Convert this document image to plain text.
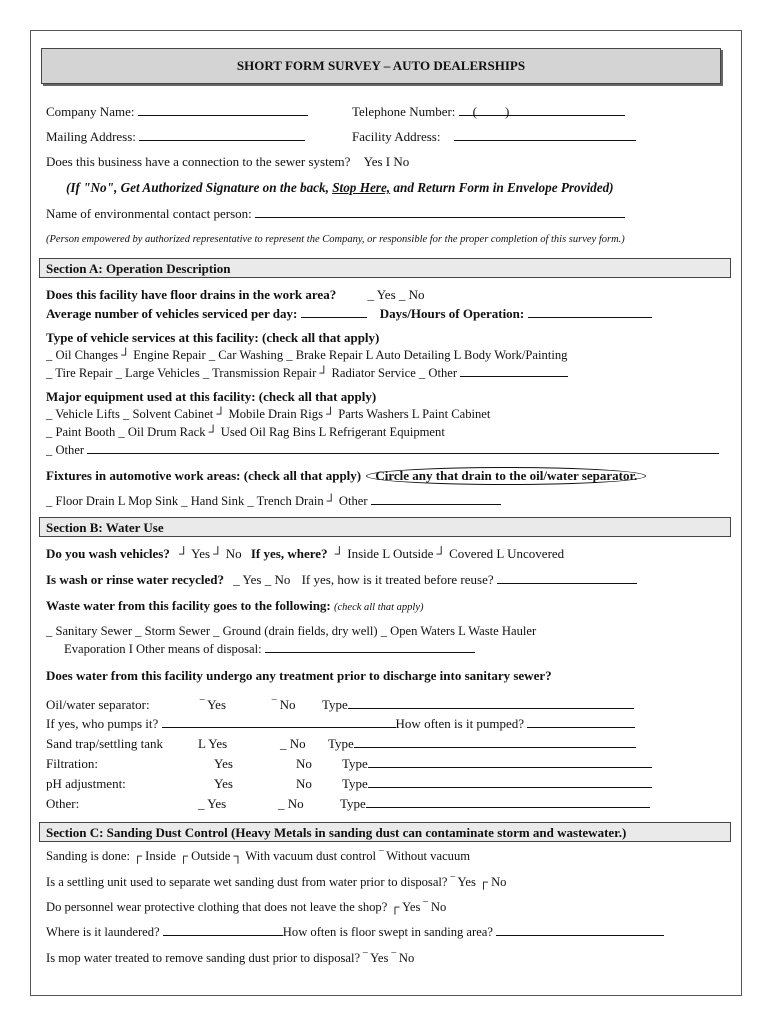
SHORT FORM SURVEY – AUTO DEALERSHIPS
Company Name:	Telephone Number: ( )
Mailing Address:	Facility Address:
Does this business have a connection to the sewer system? Yes I No
(If "No", Get Authorized Signature on the back, Stop Here, and Return Form in Envelope Provided)
Name of environmental contact person:
(Person empowered by authorized representative to represent the Company, or responsible for the proper completion of this survey form.)
Section A: Operation Description
Does this facility have floor drains in the work area? _ Yes _ No
Average number of vehicles serviced per day:	Days/Hours of Operation:
Type of vehicle services at this facility: (check all that apply)
_ Oil Changes ┘ Engine Repair _ Car Washing _ Brake Repair L Auto Detailing L Body Work/Painting
_ Tire Repair _ Large Vehicles _ Transmission Repair ┘ Radiator Service _ Other
Major equipment used at this facility: (check all that apply)
_ Vehicle Lifts _ Solvent Cabinet ┘ Mobile Drain Rigs ┘ Parts Washers L Paint Cabinet
_ Paint Booth _ Oil Drum Rack ┘ Used Oil Rag Bins L Refrigerant Equipment
_ Other
Fixtures in automotive work areas: (check all that apply) Circle any that drain to the oil/water separator.
_ Floor Drain L Mop Sink _ Hand Sink _ Trench Drain ┘ Other
Section B: Water Use
Do you wash vehicles? ┘ Yes ┘ No If yes, where? ┘ Inside L Outside ┘ Covered L Uncovered
Is wash or rinse water recycled? _ Yes _ No If yes, how is it treated before reuse?
Waste water from this facility goes to the following: (check all that apply)
_ Sanitary Sewer _ Storm Sewer _ Ground (drain fields, dry well) _ Open Waters L Waste Hauler
Evaporation I Other means of disposal:
Does water from this facility undergo any treatment prior to discharge into sanitary sewer?
Oil/water separator:	‾ Yes	‾ No Type
If yes, who pumps it?	How often is it pumped?
Sand trap/settling tank	L Yes	_ No Type
Filtration:	Yes	No Type
pH adjustment:	Yes	No Type
Other:	_ Yes	_ No	Type
Section C: Sanding Dust Control (Heavy Metals in sanding dust can contaminate storm and wastewater.)
Sanding is done: ┌ Inside ┌ Outside ┐ With vacuum dust control ‾ Without vacuum
Is a settling unit used to separate wet sanding dust from water prior to disposal? ‾ Yes ┌ No
Do personnel wear protective clothing that does not leave the shop? ┌ Yes ‾ No
Where is it laundered?	How often is floor swept in sanding area?
Is mop water treated to remove sanding dust prior to disposal? ‾ Yes ‾ No
